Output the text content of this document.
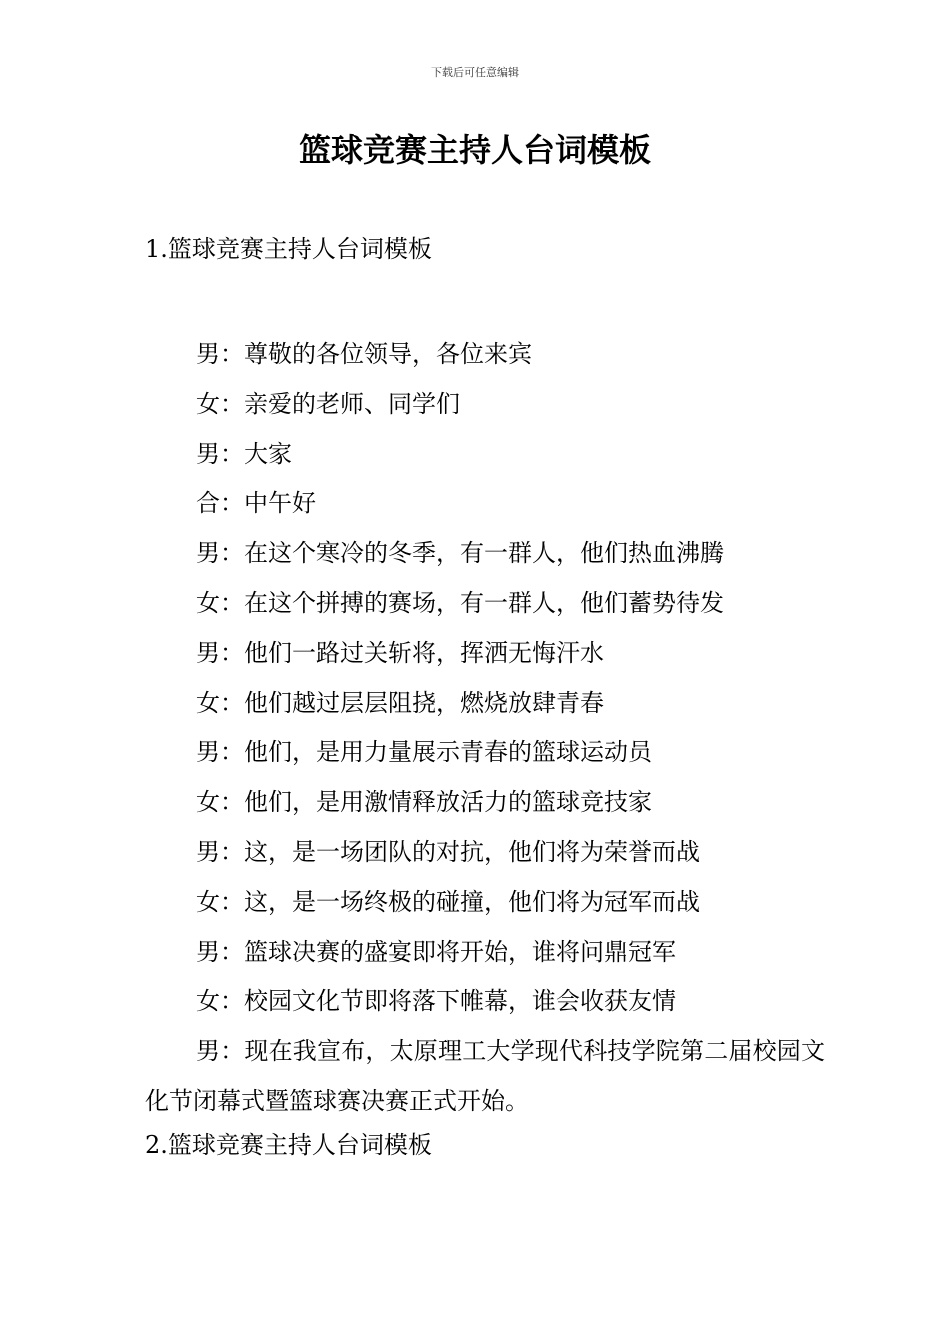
下载后可任意编辑
篮球竞赛主持人台词模板
1.篮球竞赛主持人台词模板
男：尊敬的各位领导，各位来宾
女：亲爱的老师、同学们
男：大家
合：中午好
男：在这个寒冷的冬季，有一群人，他们热血沸腾
女：在这个拼搏的赛场，有一群人，他们蓄势待发
男：他们一路过关斩将，挥洒无悔汗水
女：他们越过层层阻挠，燃烧放肆青春
男：他们，是用力量展示青春的篮球运动员
女：他们，是用激情释放活力的篮球竞技家
男：这，是一场团队的对抗，他们将为荣誉而战
女：这，是一场终极的碰撞，他们将为冠军而战
男：篮球决赛的盛宴即将开始，谁将问鼎冠军
女：校园文化节即将落下帷幕，谁会收获友情
男：现在我宣布，太原理工大学现代科技学院第二届校园文化节闭幕式暨篮球赛决赛正式开始。
2.篮球竞赛主持人台词模板
